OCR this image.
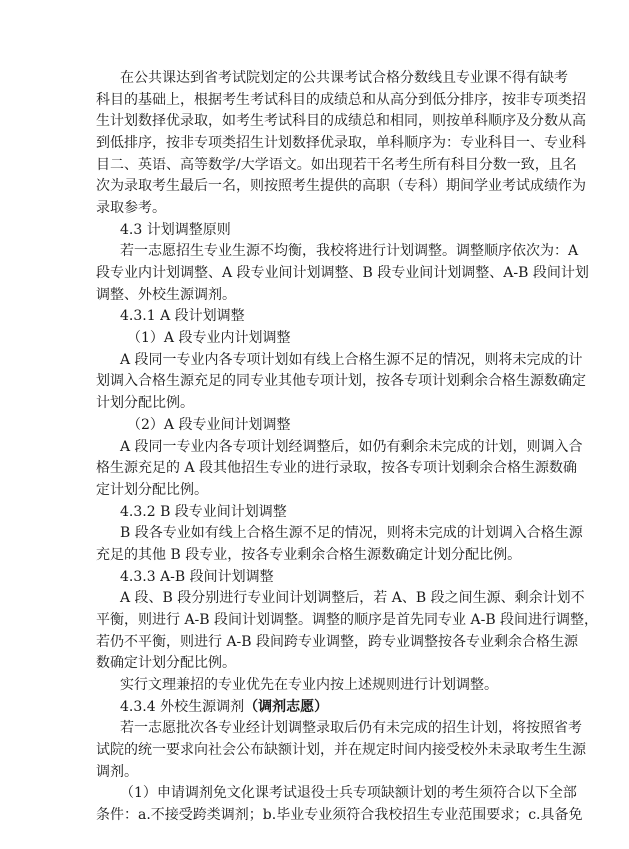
在公共课达到省考试院划定的公共课考试合格分数线且专业课不得有缺考
科目的基础上，根据考生考试科目的成绩总和从高分到低分排序，按非专项类招
生计划数择优录取，如考生考试科目的成绩总和相同，则按单科顺序及分数从高
到低排序，按非专项类招生计划数择优录取，单科顺序为：专业科目一、专业科
目二、英语、高等数学/大学语文。如出现若干名考生所有科目分数一致，且名
次为录取考生最后一名，则按照考生提供的高职（专科）期间学业考试成绩作为
录取参考。
4.3 计划调整原则
若一志愿招生专业生源不均衡，我校将进行计划调整。调整顺序依次为：A
段专业内计划调整、A 段专业间计划调整、B 段专业间计划调整、A-B 段间计划
调整、外校生源调剂。
4.3.1 A 段计划调整
（1）A 段专业内计划调整
A 段同一专业内各专项计划如有线上合格生源不足的情况，则将未完成的计
划调入合格生源充足的同专业其他专项计划，按各专项计划剩余合格生源数确定
计划分配比例。
（2）A 段专业间计划调整
A 段同一专业内各专项计划经调整后，如仍有剩余未完成的计划，则调入合
格生源充足的 A 段其他招生专业的进行录取，按各专项计划剩余合格生源数确
定计划分配比例。
4.3.2 B 段专业间计划调整
B 段各专业如有线上合格生源不足的情况，则将未完成的计划调入合格生源
充足的其他 B 段专业，按各专业剩余合格生源数确定计划分配比例。
4.3.3 A-B 段间计划调整
A 段、B 段分别进行专业间计划调整后，若 A、B 段之间生源、剩余计划不
平衡，则进行 A-B 段间计划调整。调整的顺序是首先同专业 A-B 段间进行调整，
若仍不平衡，则进行 A-B 段间跨专业调整，跨专业调整按各专业剩余合格生源
数确定计划分配比例。
实行文理兼招的专业优先在专业内按上述规则进行计划调整。
4.3.4 外校生源调剂（调剂志愿）
若一志愿批次各专业经计划调整录取后仍有未完成的招生计划，将按照省考
试院的统一要求向社会公布缺额计划，并在规定时间内接受校外未录取考生生源
调剂。
（1）申请调剂免文化课考试退役士兵专项缺额计划的考生须符合以下全部
条件：a.不接受跨类调剂；b.毕业专业须符合我校招生专业范围要求；c.具备免
